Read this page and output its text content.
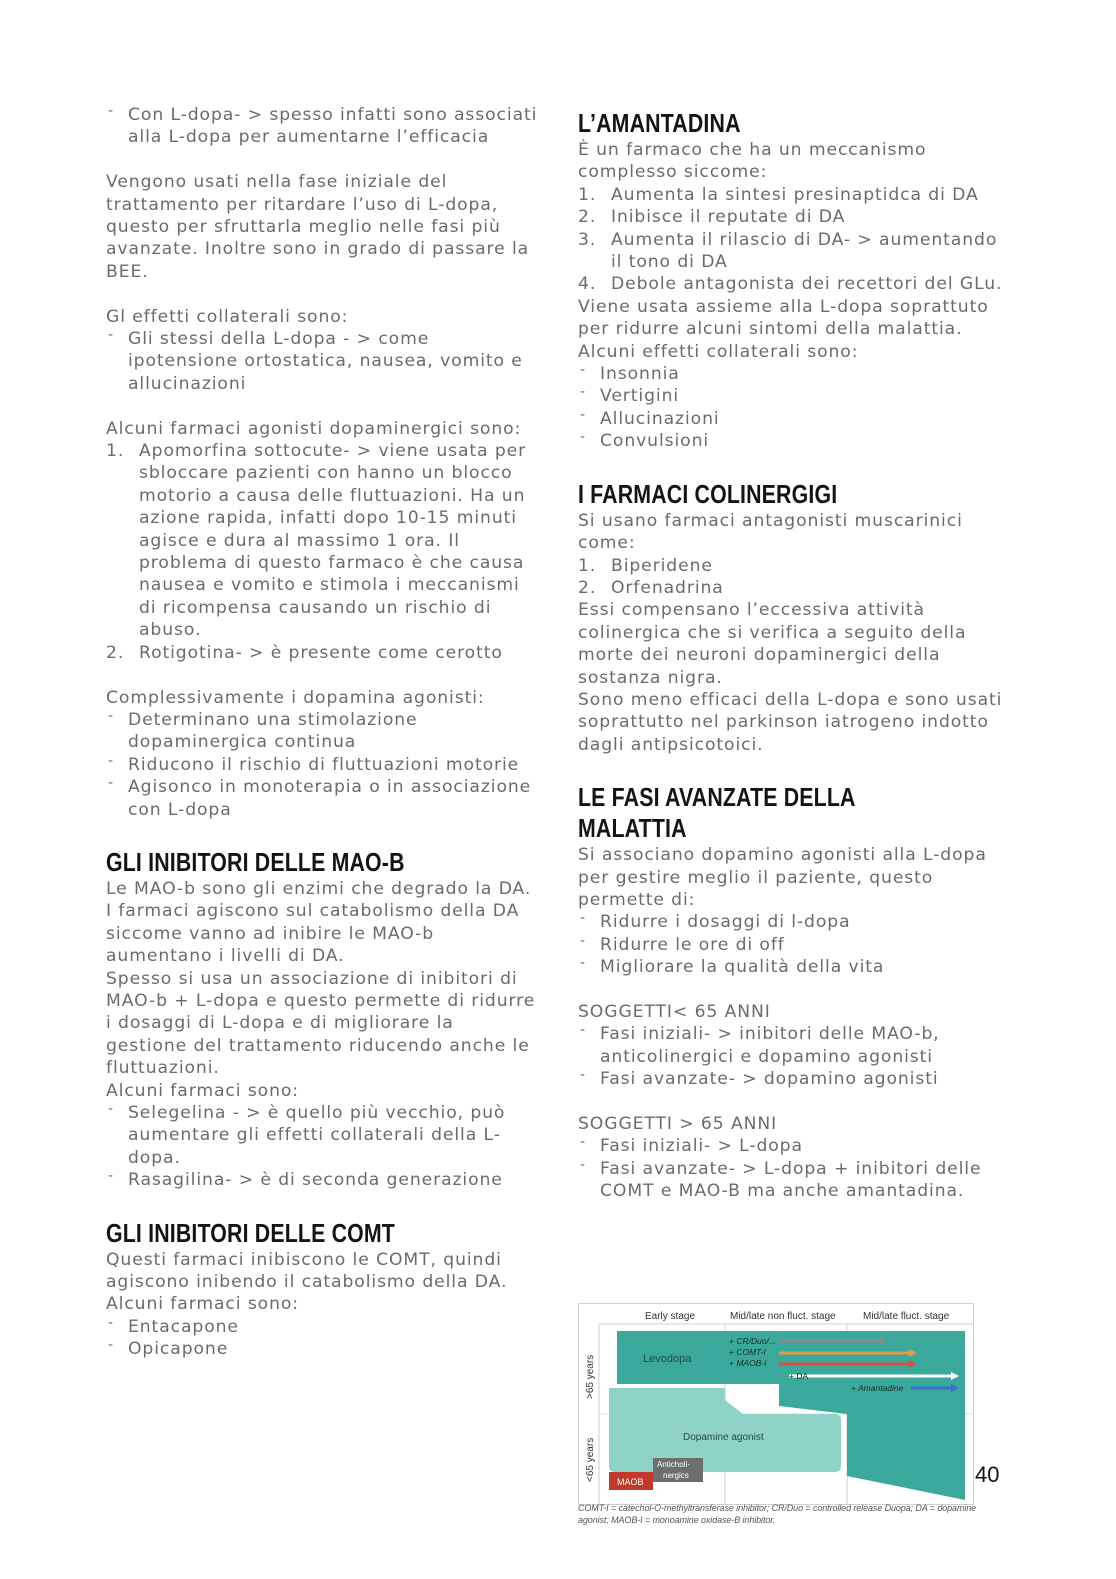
- Con L-dopa- > spesso infatti sono associati alla L-dopa per aumentarne l’efficacia

Vengono usati nella fase iniziale del trattamento per ritardare l’uso di L-dopa, questo per sfruttarla meglio nelle fasi più avanzate. Inoltre sono in grado di passare la BEE.

Gl effetti collaterali sono:

- Gli stessi della L-dopa - > come ipotensione ortostatica, nausea, vomito e allucinazioni

Alcuni farmaci agonisti dopaminergici sono:

1. Apomorfina sottocute- > viene usata per sbloccare pazienti con hanno un blocco motorio a causa delle fluttuazioni. Ha un azione rapida, infatti dopo 10-15 minuti agisce e dura al massimo 1 ora. Il problema di questo farmaco è che causa nausea e vomito e stimola i meccanismi di ricompensa causando un rischio di abuso.
2. Rotigotina- > è presente come cerotto

Complessivamente i dopamina agonisti:

- Determinano una stimolazione dopaminergica continua
- Riducono il rischio di fluttuazioni motorie
- Agisonco in monoterapia o in associazione con L-dopa
GLI INIBITORI DELLE MAO-B

Le MAO-b sono gli enzimi che degrado la DA. I farmaci agiscono sul catabolismo della DA siccome vanno ad inibire le MAO-b aumentano i livelli di DA.

Spesso si usa un associazione di inibitori di MAO-b + L-dopa e questo permette di ridurre i dosaggi di L-dopa e di migliorare la gestione del trattamento riducendo anche le fluttuazioni.

Alcuni farmaci sono:

- Selegelina - > è quello più vecchio, può aumentare gli effetti collaterali della L-dopa.
- Rasagilina- > è di seconda generazione
GLI INIBITORI DELLE COMT

Questi farmaci inibiscono le COMT, quindi agiscono inibendo il catabolismo della DA.

Alcuni farmaci sono:

- Entacapone
- Opicapone
L’AMANTADINA

È un farmaco che ha un meccanismo complesso siccome:

1. Aumenta la sintesi presinaptidca di DA
2. Inibisce il reputate di DA
3. Aumenta il rilascio di DA- > aumentando il tono di DA
4. Debole antagonista dei recettori del GLu.

Viene usata assieme alla L-dopa soprattuto per ridurre alcuni sintomi della malattia.

Alcuni effetti collaterali sono:

- Insonnia
- Vertigini
- Allucinazioni
- Convulsioni
I FARMACI COLINERGIGI

Si usano farmaci antagonisti muscarinici come:

1. Biperidene
2. Orfenadrina

Essi compensano l’eccessiva attività colinergica che si verifica a seguito della morte dei neuroni dopaminergici della sostanza nigra.

Sono meno efficaci della L-dopa e sono usati soprattutto nel parkinson iatrogeno indotto dagli antipsicotoici.

LE FASI AVANZATE DELLA
MALATTIA

Si associano dopamino agonisti alla L-dopa per gestire meglio il paziente, questo permette di:

- Ridurre i dosaggi di l-dopa
- Ridurre le ore di off
- Migliorare la qualità della vita

SOGGETTI< 65 ANNI

- Fasi iniziali- > inibitori delle MAO-b, anticolinergici e dopamino agonisti
- Fasi avanzate- > dopamino agonisti

SOGGETTI > 65 ANNI

- Fasi iniziali- > L-dopa
- Fasi avanzate- > L-dopa + inibitori delle COMT e MAO-B ma anche amantadina.
Early stage	Mid/late non fluct. stage	Mid/late fluct. stage
>65 years
<65 years
Levodopa
+ CR/Duo/...
+ COMT-I
+ MAOB-I
+ DA
+ Amantadine
Dopamine agonist
MAOB
Anticholi-
nergics
COMT-I = catechol-O-methyltransferase inhibitor; CR/Duo = controlled release Duopa; DA = dopamine agonist; MAOB-I = monoamine oxidase-B inhibitor.
40
